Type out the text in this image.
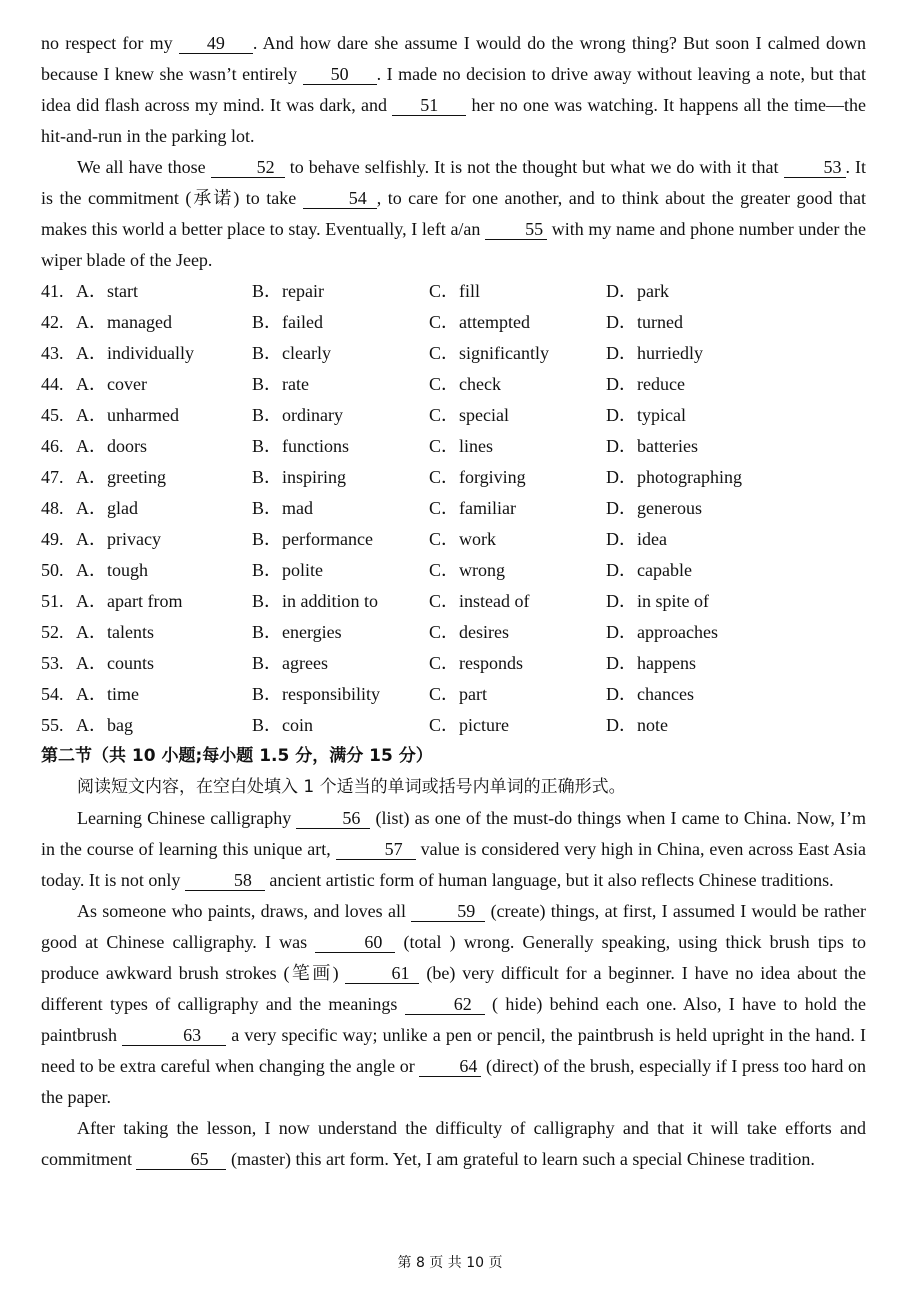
no respect for my 49 . And how dare she assume I would do the wrong thing? But soon I calmed down because I knew she wasn’t entirely 50 . I made no decision to drive away without leaving a note, but that idea did flash across my mind. It was dark, and 51 her no one was watching. It happens all the time—the hit-and-run in the parking lot.

We all have those	52 to behave selfishly. It is not the thought but what we do with it that	53 . It is the commitment (承诺) to take	54 , to care for one another, and to think about the greater good that makes this world a better place to stay. Eventually, I left a/an 55 with my name and phone number under the wiper blade of the Jeep.

41. A．start	B．repair	C．fill	D．park
42. A．managed	B．failed	C．attempted	D．turned
43. A．individually	B．clearly	C．significantly	D．hurriedly
44. A．cover	B．rate	C．check	D．reduce
45. A．unharmed	B．ordinary	C．special	D．typical
46. A．doors	B．functions	C．lines	D．batteries
47. A．greeting	B．inspiring	C．forgiving	D．photographing
48. A．glad	B．mad	C．familiar	D．generous
49. A．privacy	B．performance	C．work	D．idea
50. A．tough	B．polite	C．wrong	D．capable
51. A．apart from	B．in addition to	C．instead of	D．in spite of
52. A．talents	B．energies	C．desires	D．approaches
53. A．counts	B．agrees	C．responds	D．happens
54. A．time	B．responsibility	C．part	D．chances
55. A．bag	B．coin	C．picture	D．note

第二节（共 10 小题;每小题 1.5 分，满分 15 分）

阅读短文内容，在空白处填入 1 个适当的单词或括号内单词的正确形式。

Learning Chinese calligraphy	56 (list) as one of the must-do things when I came to China. Now, I’m in the course of learning this unique art,	57 value is considered very high in China, even across East Asia today. It is not only	58 ancient artistic form of human language, but it also reflects Chinese traditions.

As someone who paints, draws, and loves all	59 (create) things, at first, I assumed I would be rather good at Chinese calligraphy. I was	60 (total ) wrong. Generally speaking, using thick brush tips to produce awkward brush strokes (笔画)	61 (be) very difficult for a beginner. I have no idea about the different types of calligraphy and the meanings	62 ( hide) behind each one. Also, I have to hold the paintbrush	63 a very specific way; unlike a pen or pencil, the paintbrush is held upright in the hand. I need to be extra careful when changing the angle or 64 (direct) of the brush, especially if I press too hard on the paper.

After taking the lesson, I now understand the difficulty of calligraphy and that it will take efforts and commitment	65 (master) this art form. Yet, I am grateful to learn such a special Chinese tradition.

第 8 页 共 10 页
